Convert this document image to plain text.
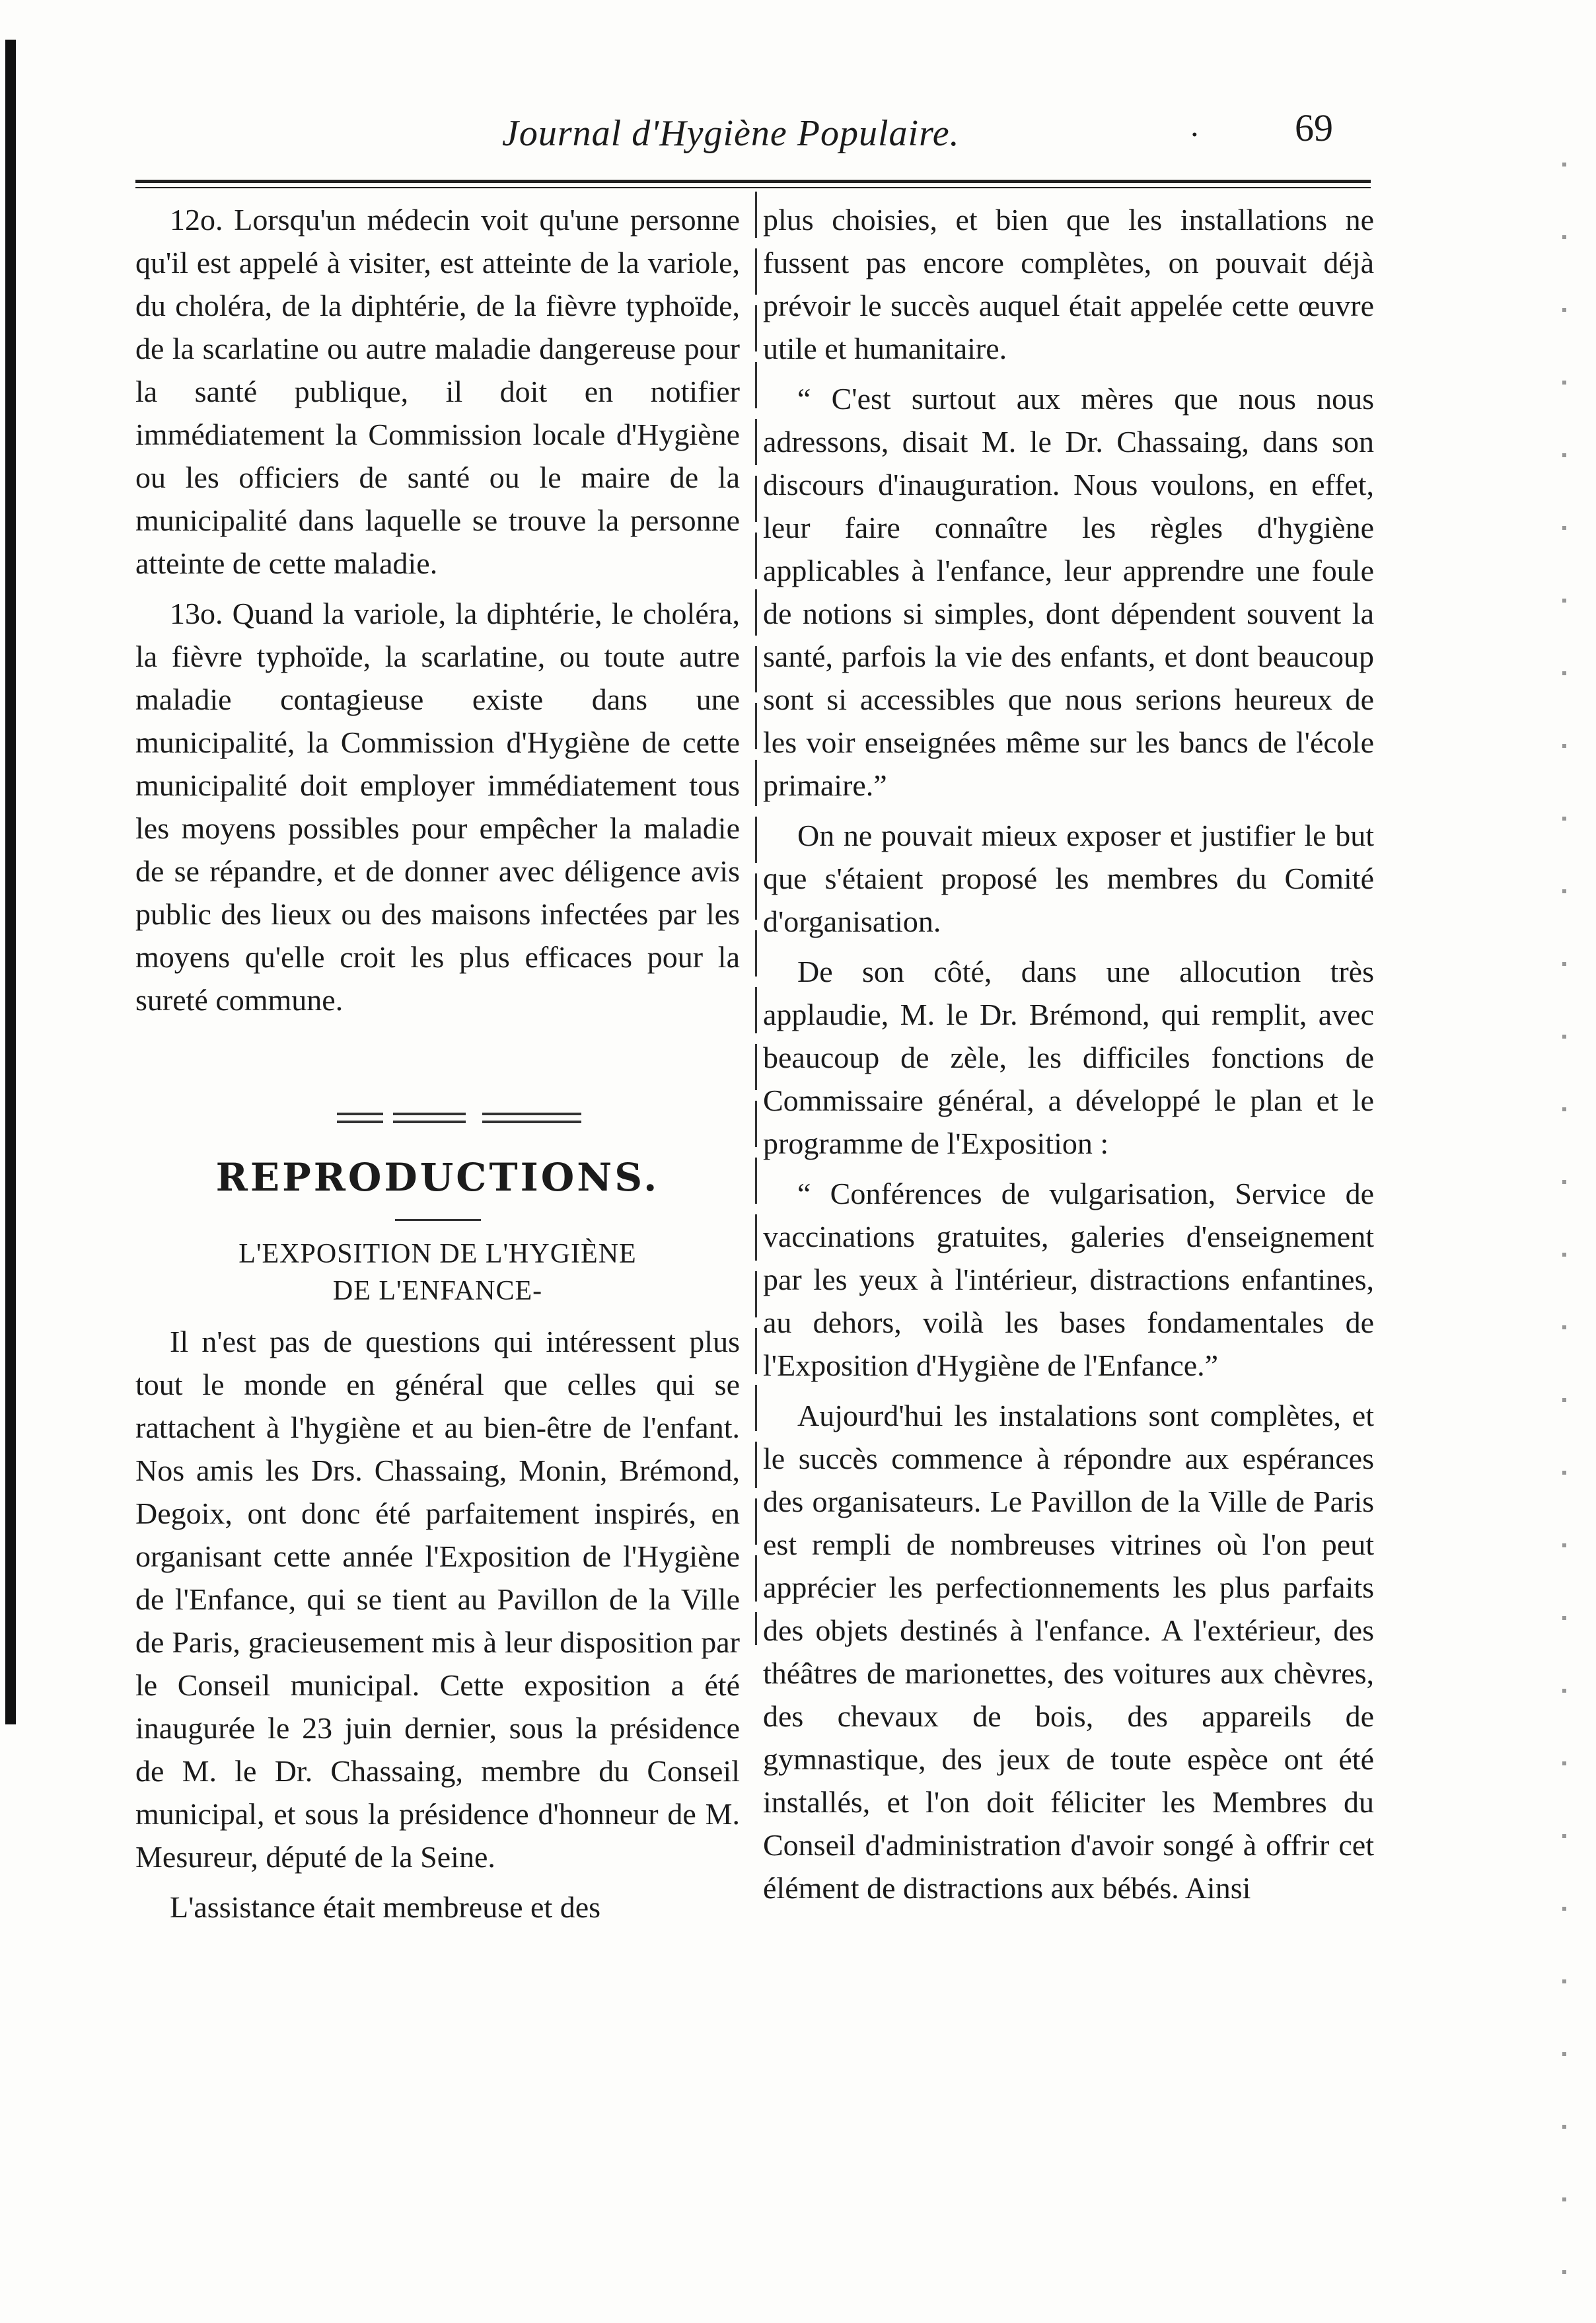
Journal d'Hygiène Populaire.	· 69

12o. Lorsqu'un médecin voit qu'une personne qu'il est appelé à visiter, est atteinte de la variole, du choléra, de la diphtérie, de la fièvre typhoïde, de la scarlatine ou autre maladie dangereuse pour la santé publique, il doit en notifier immédiatement la Commission locale d'Hygiène ou les officiers de santé ou le maire de la municipalité dans laquelle se trouve la personne atteinte de cette maladie.

13o. Quand la variole, la diphtérie, le choléra, la fièvre typhoïde, la scarlatine, ou toute autre maladie contagieuse existe dans une municipalité, la Commission d'Hygiène de cette municipalité doit employer immédiatement tous les moyens possibles pour empêcher la maladie de se répandre, et de donner avec déligence avis public des lieux ou des maisons infectées par les moyens qu'elle croit les plus efficaces pour la sureté commune.

REPRODUCTIONS.
L'EXPOSITION DE L'HYGIÈNE
DE L'ENFANCE-

Il n'est pas de questions qui intéressent plus tout le monde en général que celles qui se rattachent à l'hygiène et au bien-être de l'enfant. Nos amis les Drs. Chassaing, Monin, Brémond, Degoix, ont donc été parfaitement inspirés, en organisant cette année l'Exposition de l'Hygiène de l'Enfance, qui se tient au Pavillon de la Ville de Paris, gracieusement mis à leur disposition par le Conseil municipal. Cette exposition a été inaugurée le 23 juin dernier, sous la présidence de M. le Dr. Chassaing, membre du Conseil municipal, et sous la présidence d'honneur de M. Mesureur, député de la Seine.

L'assistance était membreuse et des

plus choisies, et bien que les installations ne fussent pas encore complètes, on pouvait déjà prévoir le succès auquel était appelée cette œuvre utile et humanitaire.

“ C'est surtout aux mères que nous nous adressons, disait M. le Dr. Chassaing, dans son discours d'inauguration. Nous voulons, en effet, leur faire connaître les règles d'hygiène applicables à l'enfance, leur apprendre une foule de notions si simples, dont dépendent souvent la santé, parfois la vie des enfants, et dont beaucoup sont si accessibles que nous serions heureux de les voir enseignées même sur les bancs de l'école primaire.”

On ne pouvait mieux exposer et justifier le but que s'étaient proposé les membres du Comité d'organisation.

De son côté, dans une allocution très applaudie, M. le Dr. Brémond, qui remplit, avec beaucoup de zèle, les difficiles fonctions de Commissaire général, a développé le plan et le programme de l'Exposition :

“ Conférences de vulgarisation, Service de vaccinations gratuites, galeries d'enseignement par les yeux à l'intérieur, distractions enfantines, au dehors, voilà les bases fondamentales de l'Exposition d'Hygiène de l'Enfance.”

Aujourd'hui les instalations sont complètes, et le succès commence à répondre aux espérances des organisateurs. Le Pavillon de la Ville de Paris est rempli de nombreuses vitrines où l'on peut apprécier les perfectionnements les plus parfaits des objets destinés à l'enfance. A l'extérieur, des théâtres de marionettes, des voitures aux chèvres, des chevaux de bois, des appareils de gymnastique, des jeux de toute espèce ont été installés, et l'on doit féliciter les Membres du Conseil d'administration d'avoir songé à offrir cet élément de distractions aux bébés. Ainsi
